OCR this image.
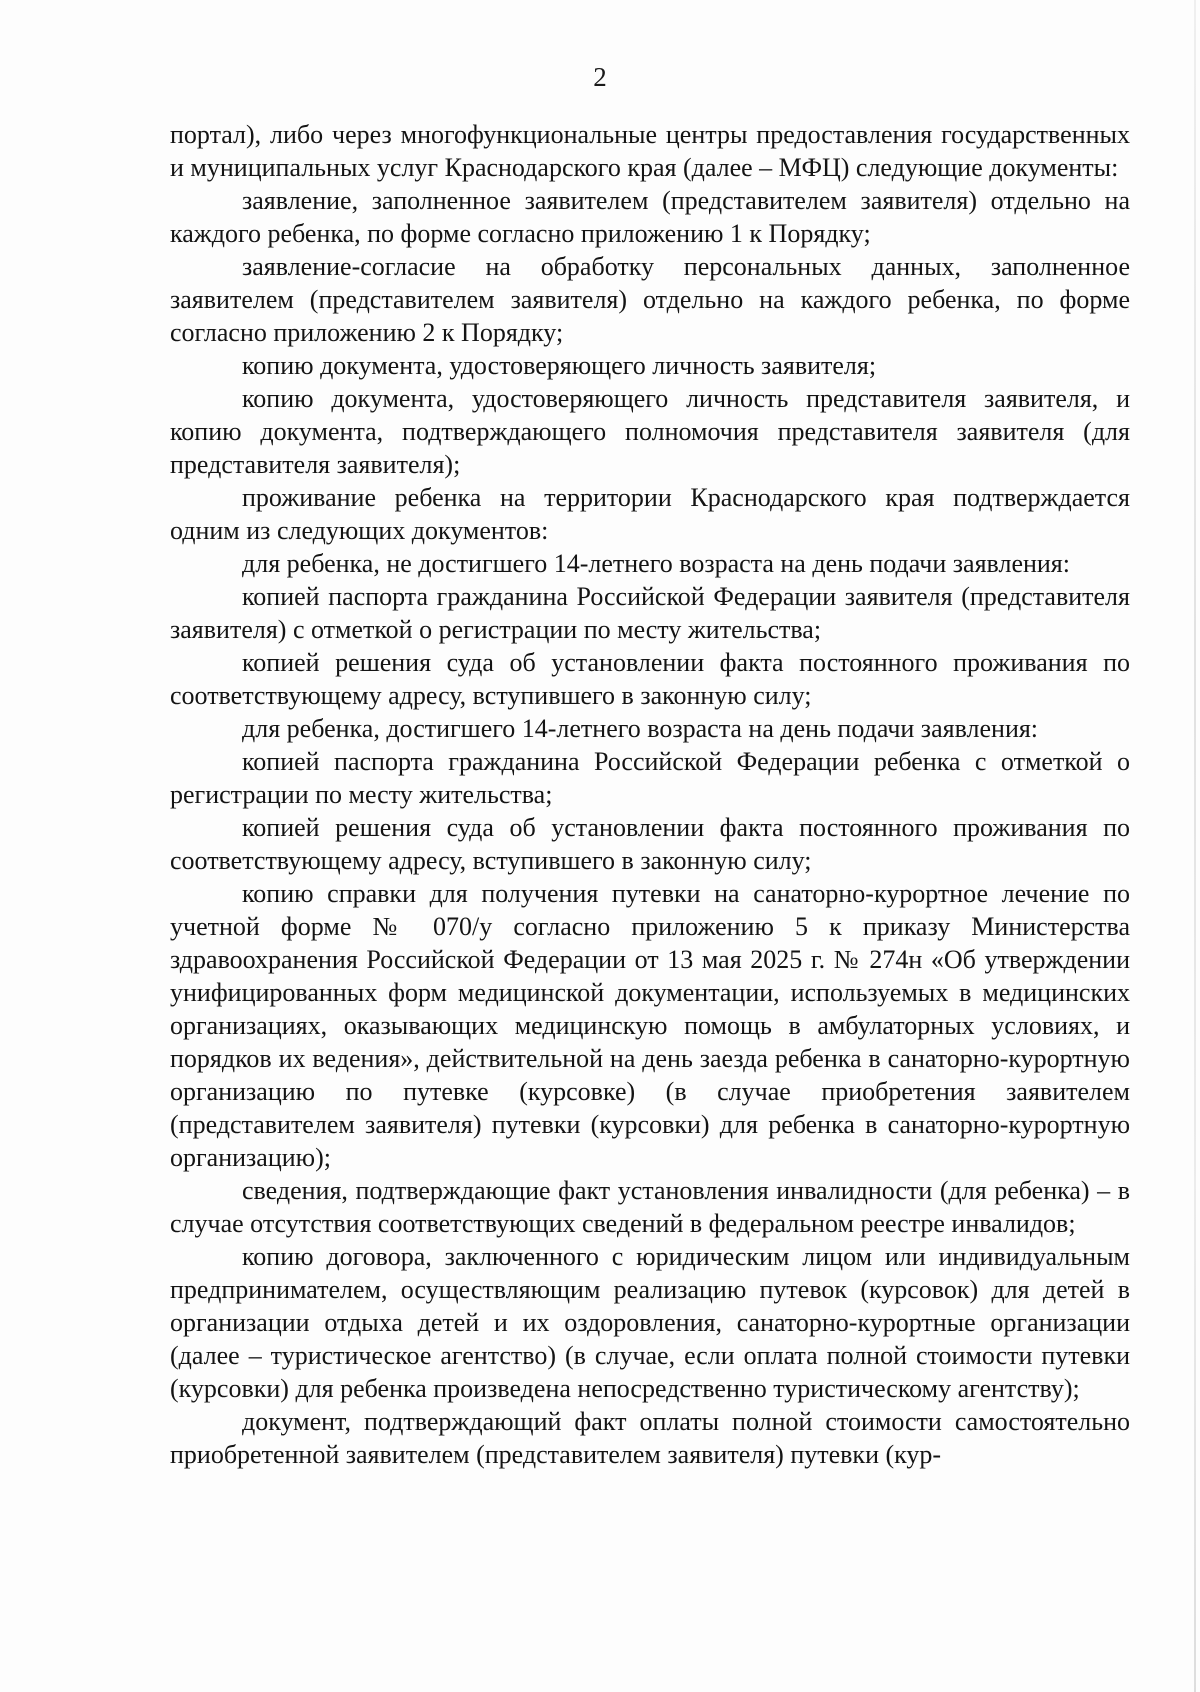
2

портал), либо через многофункциональные центры предоставления государственных и муниципальных услуг Краснодарского края (далее – МФЦ) следующие документы:

заявление, заполненное заявителем (представителем заявителя) отдельно на каждого ребенка, по форме согласно приложению 1 к Порядку;

заявление-согласие на обработку персональных данных, заполненное заявителем (представителем заявителя) отдельно на каждого ребенка, по форме согласно приложению 2 к Порядку;

копию документа, удостоверяющего личность заявителя;

копию документа, удостоверяющего личность представителя заявителя, и копию документа, подтверждающего полномочия представителя заявителя (для представителя заявителя);

проживание ребенка на территории Краснодарского края подтверждается одним из следующих документов:

для ребенка, не достигшего 14-летнего возраста на день подачи заявления:

копией паспорта гражданина Российской Федерации заявителя (представителя заявителя) с отметкой о регистрации по месту жительства;

копией решения суда об установлении факта постоянного проживания по соответствующему адресу, вступившего в законную силу;

для ребенка, достигшего 14-летнего возраста на день подачи заявления:

копией паспорта гражданина Российской Федерации ребенка с отметкой о регистрации по месту жительства;

копией решения суда об установлении факта постоянного проживания по соответствующему адресу, вступившего в законную силу;

копию справки для получения путевки на санаторно-курортное лечение по учетной форме № 070/у согласно приложению 5 к приказу Министерства здравоохранения Российской Федерации от 13 мая 2025 г. № 274н «Об утверждении унифицированных форм медицинской документации, используемых в медицинских организациях, оказывающих медицинскую помощь в амбулаторных условиях, и порядков их ведения», действительной на день заезда ребенка в санаторно-курортную организацию по путевке (курсовке) (в случае приобретения заявителем (представителем заявителя) путевки (курсовки) для ребенка в санаторно-курортную организацию);

сведения, подтверждающие факт установления инвалидности (для ребенка) – в случае отсутствия соответствующих сведений в федеральном реестре инвалидов;

копию договора, заключенного с юридическим лицом или индивидуальным предпринимателем, осуществляющим реализацию путевок (курсовок) для детей в организации отдыха детей и их оздоровления, санаторно-курортные организации (далее – туристическое агентство) (в случае, если оплата полной стоимости путевки (курсовки) для ребенка произведена непосредственно туристическому агентству);

документ, подтверждающий факт оплаты полной стоимости самостоятельно приобретенной заявителем (представителем заявителя) путевки (кур-
